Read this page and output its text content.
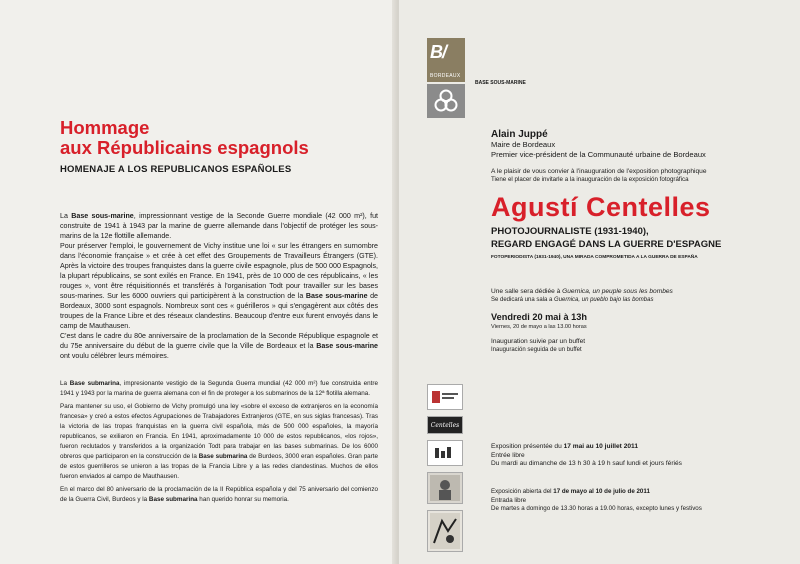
Hommage
aux Républicains espagnols
HOMENAJE A LOS REPUBLICANOS ESPAÑOLES

La Base sous-marine, impressionnant vestige de la Seconde Guerre mondiale (42 000 m²), fut construite de 1941 à 1943 par la marine de guerre allemande dans l'objectif de protéger les sous-marins de la 12e flottille allemande.

Pour préserver l'emploi, le gouvernement de Vichy institue une loi « sur les étrangers en surnombre dans l'économie française » et crée à cet effet des Groupements de Travailleurs Étrangers (GTE). Après la victoire des troupes franquistes dans la guerre civile espagnole, plus de 500 000 Espagnols, la plupart républicains, se sont exilés en France. En 1941, près de 10 000 de ces républicains, « les rouges », vont être réquisitionnés et transférés à l'organisation Todt pour travailler sur les bases sous-marines. Sur les 6000 ouvriers qui participèrent à la construction de la Base sous-marine de Bordeaux, 3000 sont espagnols. Nombreux sont ces « guérilleros » qui s'engagèrent aux côtés des troupes de la France Libre et des réseaux clandestins. Beaucoup d'entre eux furent envoyés dans le camp de Mauthausen.

C'est dans le cadre du 80e anniversaire de la proclamation de la Seconde République espagnole et du 75e anniversaire du début de la guerre civile que la Ville de Bordeaux et la Base sous-marine ont voulu célébrer leurs mémoires.

La Base submarina, impresionante vestigio de la Segunda Guerra mundial (42 000 m²) fue construida entre 1941 y 1943 por la marina de guerra alemana con el fin de proteger a los submarinos de la 12ª flotilla alemana.

Para mantener su uso, el Gobierno de Vichy promulgó una ley «sobre el exceso de extranjeros en la economía francesa» y creó a estos efectos Agrupaciones de Trabajadores Extranjeros (GTE, en sus siglas francesas). Tras la victoria de las tropas franquistas en la guerra civil española, más de 500 000 españoles, la mayoría republicanos, se exiliaron en Francia. En 1941, aproximadamente 10 000 de estos republicanos, «los rojos», fueron reclutados y transferidos a la organización Todt para trabajar en las bases submarinas. De los 6000 obreros que participaron en la construcción de la Base submarina de Burdeos, 3000 eran españoles. Gran parte de estos guerrilleros se unieron a las tropas de la Francia Libre y a las redes clandestinas. Muchos de ellos fueron enviados al campo de Mauthausen.

En el marco del 80 aniversario de la proclamación de la II República española y del 75 aniversario del comienzo de la Guerra Civil, Burdeos y la Base submarina han querido honrar su memoria.

B/
BORDEAUX
BASE SOUS-MARINE
Alain Juppé
Maire de Bordeaux
Premier vice-président de la Communauté urbaine de Bordeaux
A le plaisir de vous convier à l'inauguration de l'exposition photographique
Tiene el placer de invitarle a la inauguración de la exposición fotográfica
Agustí Centelles
PHOTOJOURNALISTE (1931-1940),
REGARD ENGAGÉ DANS LA GUERRE D'ESPAGNE
FOTOPERIODISTA (1931-1940), UNA MIRADA COMPROMETIDA A LA GUERRA DE ESPAÑA
Une salle sera dédiée à Guernica, un peuple sous les bombes
Se dedicará una sala a Guernica, un pueblo bajo las bombas
Vendredi 20 mai à 13h
Viernes, 20 de mayo a las 13.00 horas
Inauguration suivie par un buffet
Inauguración seguida de un buffet
Centelles
Exposition présentée du 17 mai au 10 juillet 2011
Entrée libre
Du mardi au dimanche de 13 h 30 à 19 h sauf lundi et jours fériés
Exposición abierta del 17 de mayo al 10 de julio de 2011
Entrada libre
De martes a domingo de 13.30 horas a 19.00 horas, excepto lunes y festivos
